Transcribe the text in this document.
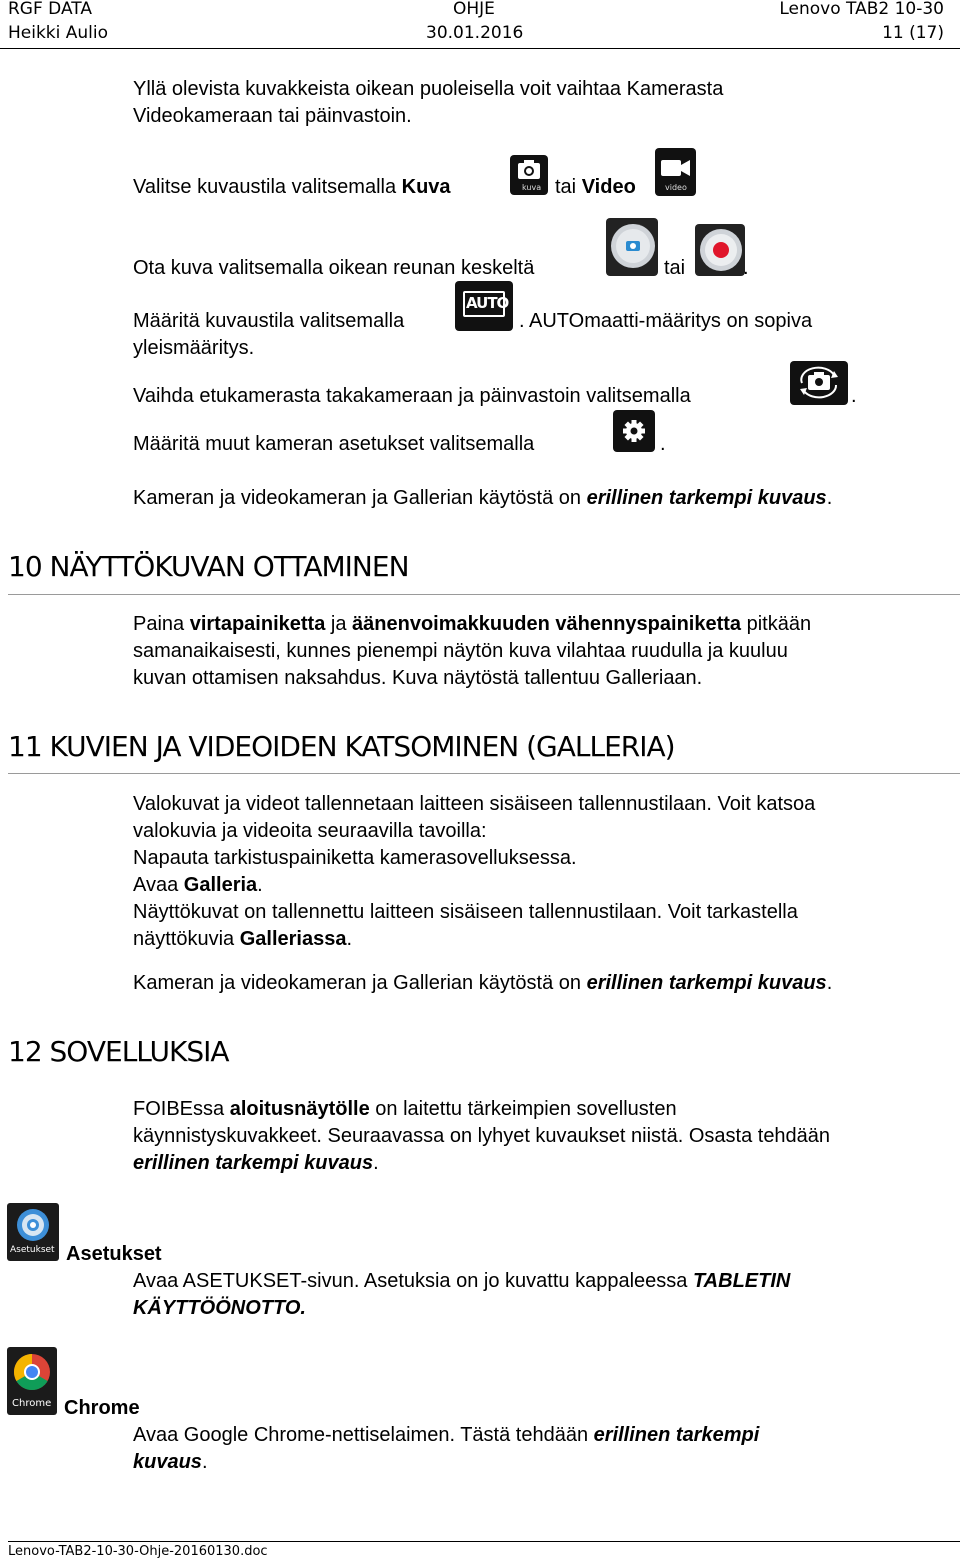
RGF DATA
Heikki Aulio
OHJE
30.01.2016
Lenovo TAB2 10-30
11 (17)
Yllä olevista kuvakkeista oikean puoleisella voit vaihtaa Kamerasta
Videokameraan tai päinvastoin.
Valitse kuvaustila valitsemalla Kuva	kuva tai Video	video
Ota kuva valitsemalla oikean reunan keskeltä	tai	.
Määritä kuvaustila valitsemalla
AUTO
. AUTOmaatti-määritys on sopiva
yleismääritys.
Vaihda etukamerasta takakameraan ja päinvastoin valitsemalla	.
Määritä muut kameran asetukset valitsemalla	.
Kameran ja videokameran ja Gallerian käytöstä on erillinen tarkempi kuvaus.
10 NÄYTTÖKUVAN OTTAMINEN
Paina virtapainiketta ja äänenvoimakkuuden vähennyspainiketta pitkään
samanaikaisesti, kunnes pienempi näytön kuva vilahtaa ruudulla ja kuuluu
kuvan ottamisen naksahdus. Kuva näytöstä tallentuu Galleriaan.
11 KUVIEN JA VIDEOIDEN KATSOMINEN (GALLERIA)
Valokuvat ja videot tallennetaan laitteen sisäiseen tallennustilaan. Voit katsoa
valokuvia ja videoita seuraavilla tavoilla:
Napauta tarkistuspainiketta kamerasovelluksessa.
Avaa Galleria.
Näyttökuvat on tallennettu laitteen sisäiseen tallennustilaan. Voit tarkastella
näyttökuvia Galleriassa.
Kameran ja videokameran ja Gallerian käytöstä on erillinen tarkempi kuvaus.
12 SOVELLUKSIA
FOIBEssa aloitusnäytölle on laitettu tärkeimpien sovellusten
käynnistyskuvakkeet. Seuraavassa on lyhyet kuvaukset niistä. Osasta tehdään
erillinen tarkempi kuvaus.
Asetukset Asetukset
Avaa ASETUKSET-sivun. Asetuksia on jo kuvattu kappaleessa TABLETIN
KÄYTTÖÖNOTTO.
Chrome Chrome
Avaa Google Chrome-nettiselaimen. Tästä tehdään erillinen tarkempi
kuvaus.
Lenovo-TAB2-10-30-Ohje-20160130.doc
